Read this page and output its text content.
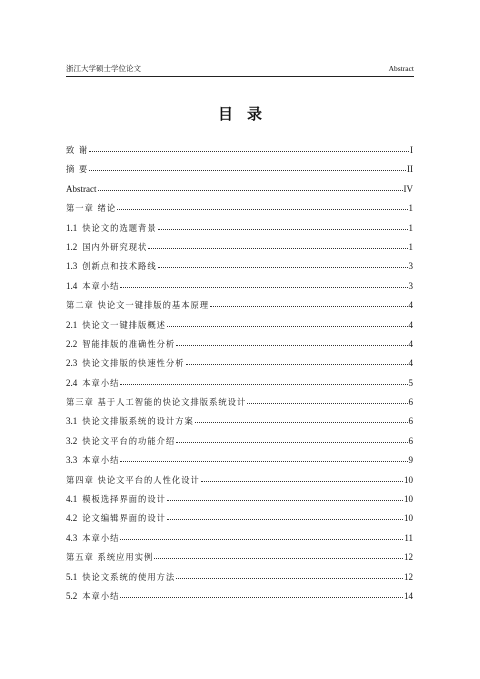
浙江大学硕士学位论文	Abstract
目录
致 谢	I
摘 要	II
Abstract	IV
第一章 绪论	1
1.1 快论文的选题背景	1
1.2 国内外研究现状	1
1.3 创新点和技术路线	3
1.4 本章小结	3
第二章 快论文一键排版的基本原理	4
2.1 快论文一键排版概述	4
2.2 智能排版的准确性分析	4
2.3 快论文排版的快速性分析	4
2.4 本章小结	5
第三章 基于人工智能的快论文排版系统设计	6
3.1 快论文排版系统的设计方案	6
3.2 快论文平台的功能介绍	6
3.3 本章小结	9
第四章 快论文平台的人性化设计	10
4.1 模板选择界面的设计	10
4.2 论文编辑界面的设计	10
4.3 本章小结	11
第五章 系统应用实例	12
5.1 快论文系统的使用方法	12
5.2 本章小结	14
